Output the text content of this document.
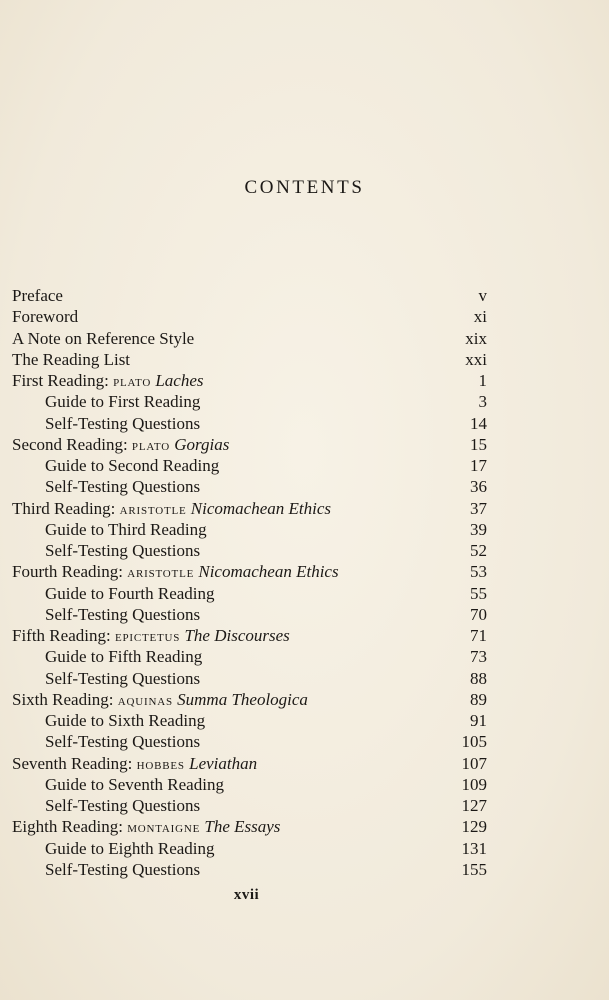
CONTENTS
Preface	v
Foreword	xi
A Note on Reference Style	xix
The Reading List	xxi
First Reading: plato Laches	1
Guide to First Reading	3
Self-Testing Questions	14
Second Reading: plato Gorgias	15
Guide to Second Reading	17
Self-Testing Questions	36
Third Reading: aristotle Nicomachean Ethics	37
Guide to Third Reading	39
Self-Testing Questions	52
Fourth Reading: aristotle Nicomachean Ethics	53
Guide to Fourth Reading	55
Self-Testing Questions	70
Fifth Reading: epictetus The Discourses	71
Guide to Fifth Reading	73
Self-Testing Questions	88
Sixth Reading: aquinas Summa Theologica	89
Guide to Sixth Reading	91
Self-Testing Questions	105
Seventh Reading: hobbes Leviathan	107
Guide to Seventh Reading	109
Self-Testing Questions	127
Eighth Reading: montaigne The Essays	129
Guide to Eighth Reading	131
Self-Testing Questions	155
xvii
